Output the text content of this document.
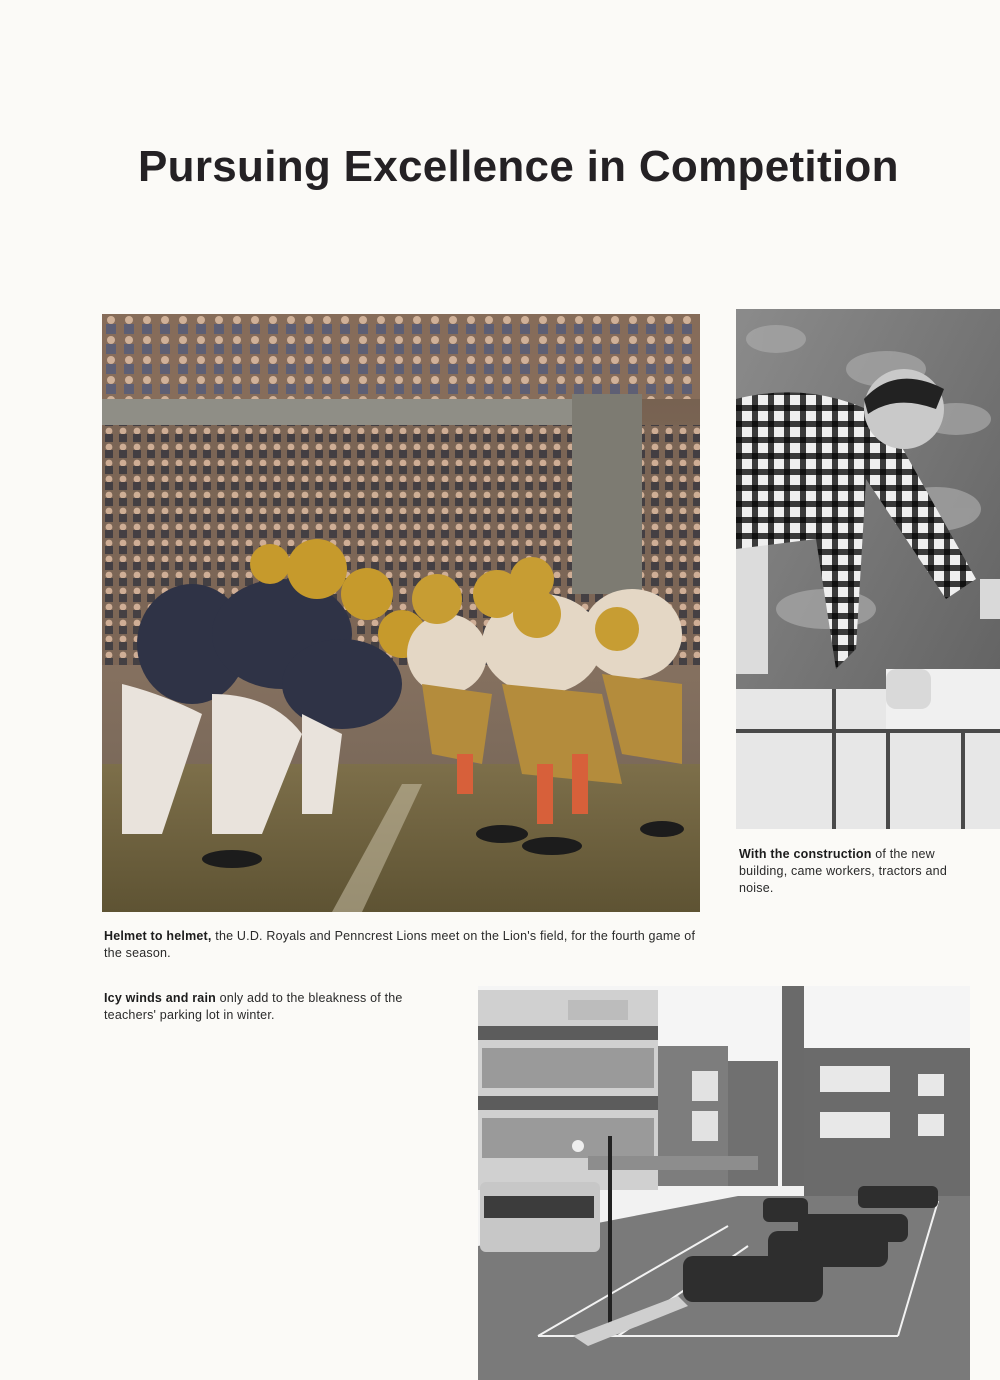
Pursuing Excellence in Competition

With the construction of the new building, came workers, tractors and noise.

Helmet to helmet, the U.D. Royals and Penncrest Lions meet on the Lion's field, for the fourth game of the season.

Icy winds and rain only add to the bleakness of the teachers' parking lot in winter.
